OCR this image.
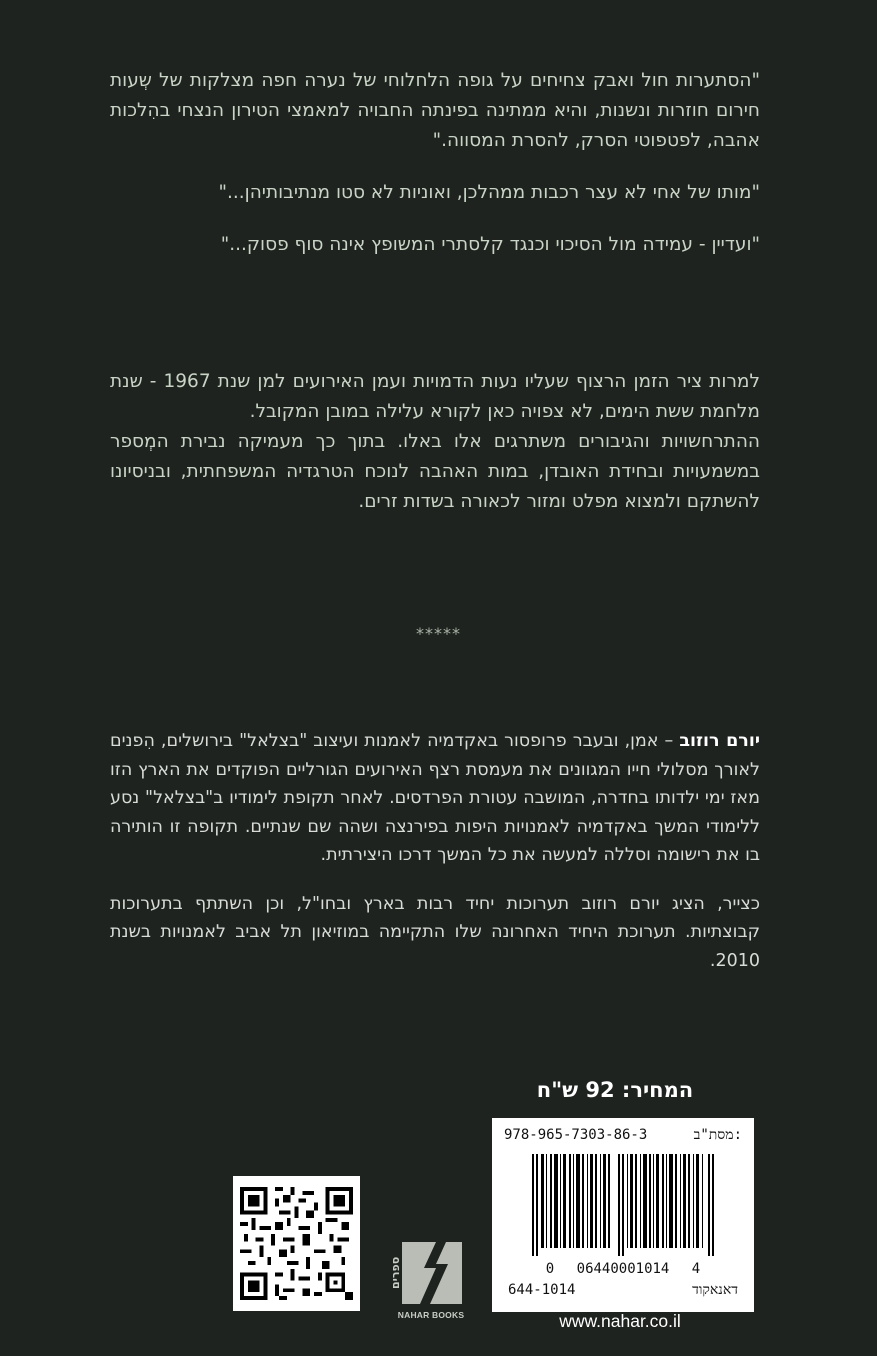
"הסתערות חול ואבק צחיחים על גופה הלחלוחי של נערה חפה מצלקות של שְעות חירום חוזרות ונשנות, והיא ממתינה בפינתה החבויה למאמצי הטירון הנצחי בהִלכות אהבה, לפטפוטי הסרק, להסרת המסווה."

"מותו של אחי לא עצר רכבות ממהלכן, ואוניות לא סטו מנתיבותיהן..."

"ועדיין - עמידה מול הסיכוי וכנגד קלסתרי המשופץ אינה סוף פסוק..."

למרות ציר הזמן הרצוף שעליו נעות הדמויות ועמן האירועים למן שנת 1967 - שנת מלחמת ששת הימים, לא צפויה כאן לקורא עלילה במובן המקובל.

ההתרחשויות והגיבורים משתרגים אלו באלו. בתוך כך מעמיקה נבירת המְספר במשמעויות ובחידת האובדן, במות האהבה לנוכח הטרגדיה המשפחתית, ובניסיונו להשתקם ולמצוא מפלט ומזור לכאורה בשדות זרים.

*****

יורם רוזוב – אמן, ובעבר פרופסור באקדמיה לאמנות ועיצוב "בצלאל" בירושלים, הִפנים לאורך מסלולי חייו המגוונים את מעמסת רצף האירועים הגורליים הפוקדים את הארץ הזו מאז ימי ילדותו בחדרה, המושבה עטורת הפרדסים. לאחר תקופת לימודיו ב"בצלאל" נסע ללימודי המשך באקדמיה לאמנויות היפות בפירנצה ושהה שם שנתיים. תקופה זו הותירה בו את רישומה וסללה למעשה את כל המשך דרכו היצירתית.

כצייר, הציג יורם רוזוב תערוכות יחיד רבות בארץ ובחו"ל, וכן השתתף בתערוכות קבוצתיות. תערוכת היחיד האחרונה שלו התקיימה במוזיאון תל אביב לאמנויות בשנת 2010.

המחיר: 92 ש"ח
מסת"ב:
978-965-7303-86-3
0 06440001014 4
דאנאקוד
644-1014
ספרים
NAHAR BOOKS	www.nahar.co.il
